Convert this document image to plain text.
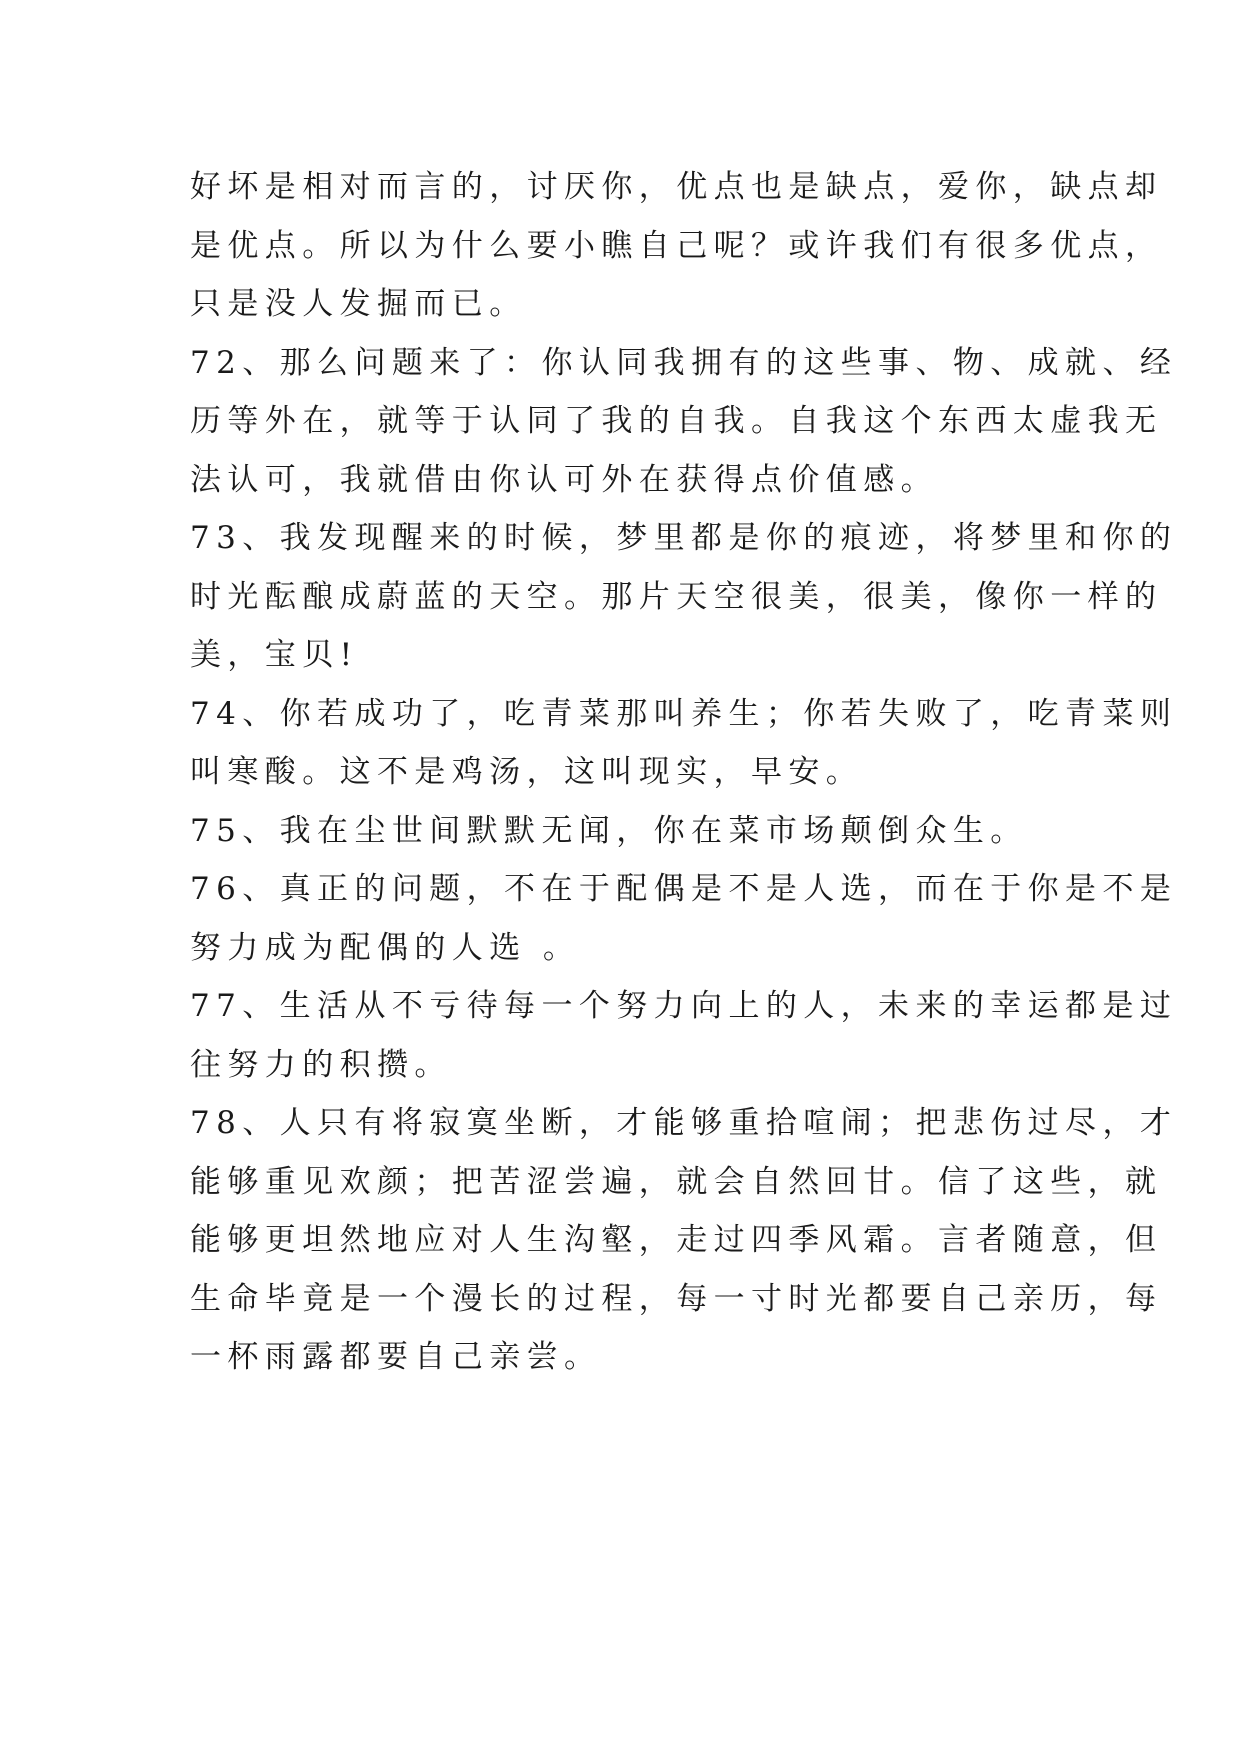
好坏是相对而言的，讨厌你，优点也是缺点，爱你，缺点却
是优点。所以为什么要小瞧自己呢？或许我们有很多优点，
只是没人发掘而已。
72、那么问题来了：你认同我拥有的这些事、物、成就、经
历等外在，就等于认同了我的自我。自我这个东西太虚我无
法认可，我就借由你认可外在获得点价值感。
73、我发现醒来的时候，梦里都是你的痕迹，将梦里和你的
时光酝酿成蔚蓝的天空。那片天空很美，很美，像你一样的
美，宝贝!
74、你若成功了，吃青菜那叫养生；你若失败了，吃青菜则
叫寒酸。这不是鸡汤，这叫现实，早安。
75、我在尘世间默默无闻，你在菜市场颠倒众生。
76、真正的问题，不在于配偶是不是人选，而在于你是不是
努力成为配偶的人选 。
77、生活从不亏待每一个努力向上的人，未来的幸运都是过
往努力的积攒。
78、人只有将寂寞坐断，才能够重拾喧闹；把悲伤过尽，才
能够重见欢颜；把苦涩尝遍，就会自然回甘。信了这些，就
能够更坦然地应对人生沟壑，走过四季风霜。言者随意，但
生命毕竟是一个漫长的过程，每一寸时光都要自己亲历，每
一杯雨露都要自己亲尝。
